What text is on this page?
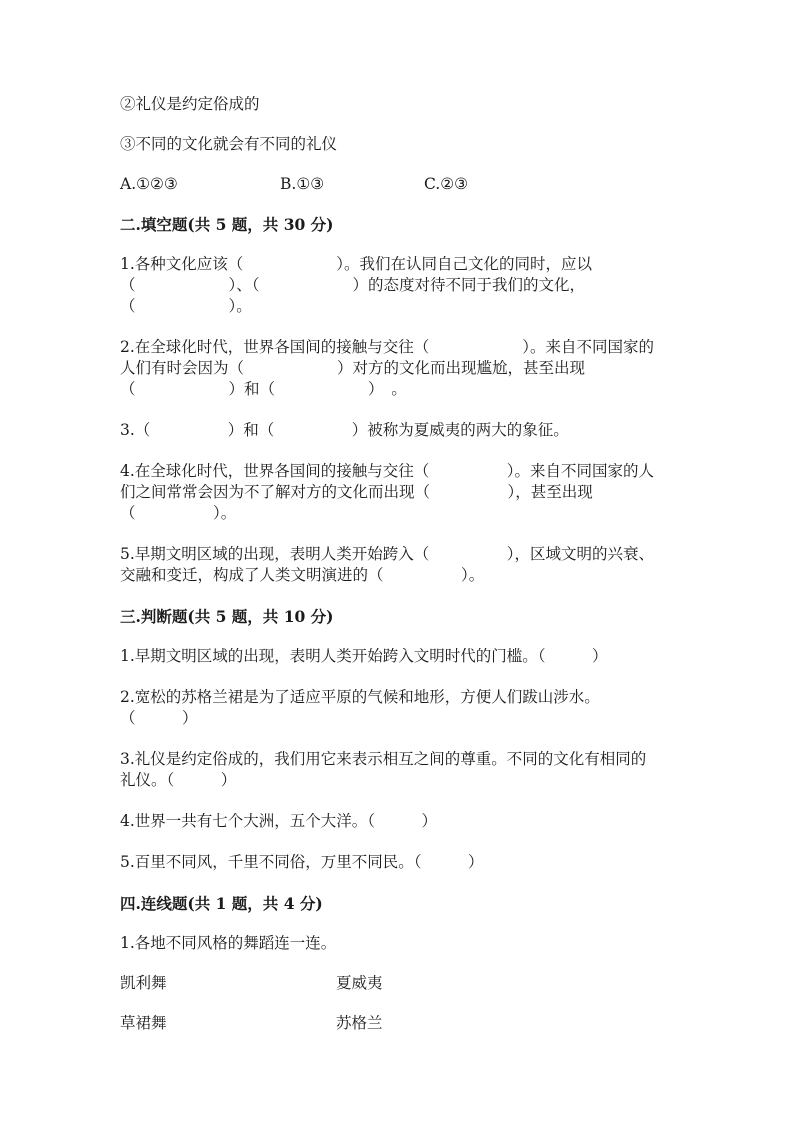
②礼仪是约定俗成的
③不同的文化就会有不同的礼仪
A.①②③	B.①③	C.②③
二.填空题(共 5 题，共 30 分)
1.各种文化应该（　　　　　　）。我们在认同自己文化的同时，应以
（　　　　　　）、（　　　　　　）的态度对待不同于我们的文化，
（　　　　　　）。
2.在全球化时代，世界各国间的接触与交往（　　　　　　）。来自不同国家的
人们有时会因为（　　　　　　）对方的文化而出现尴尬，甚至出现
（　　　　　　）和（　　　　　　）　。
3.（　　　　　）和（　　　　　）被称为夏威夷的两大的象征。
4.在全球化时代，世界各国间的接触与交往（　　　　　）。来自不同国家的人
们之间常常会因为不了解对方的文化而出现（　　　　　），甚至出现
（　　　　　）。
5.早期文明区域的出现，表明人类开始跨入（　　　　　），区域文明的兴衰、
交融和变迁，构成了人类文明演进的（　　　　　）。
三.判断题(共 5 题，共 10 分)
1.早期文明区域的出现，表明人类开始跨入文明时代的门槛。（　　　）
2.宽松的苏格兰裙是为了适应平原的气候和地形，方便人们跋山涉水。
（　　　）
3.礼仪是约定俗成的，我们用它来表示相互之间的尊重。不同的文化有相同的
礼仪。（　　　）
4.世界一共有七个大洲，五个大洋。（　　　）
5.百里不同风，千里不同俗，万里不同民。（　　　）
四.连线题(共 1 题，共 4 分)
1.各地不同风格的舞蹈连一连。
凯利舞	夏威夷
草裙舞	苏格兰
